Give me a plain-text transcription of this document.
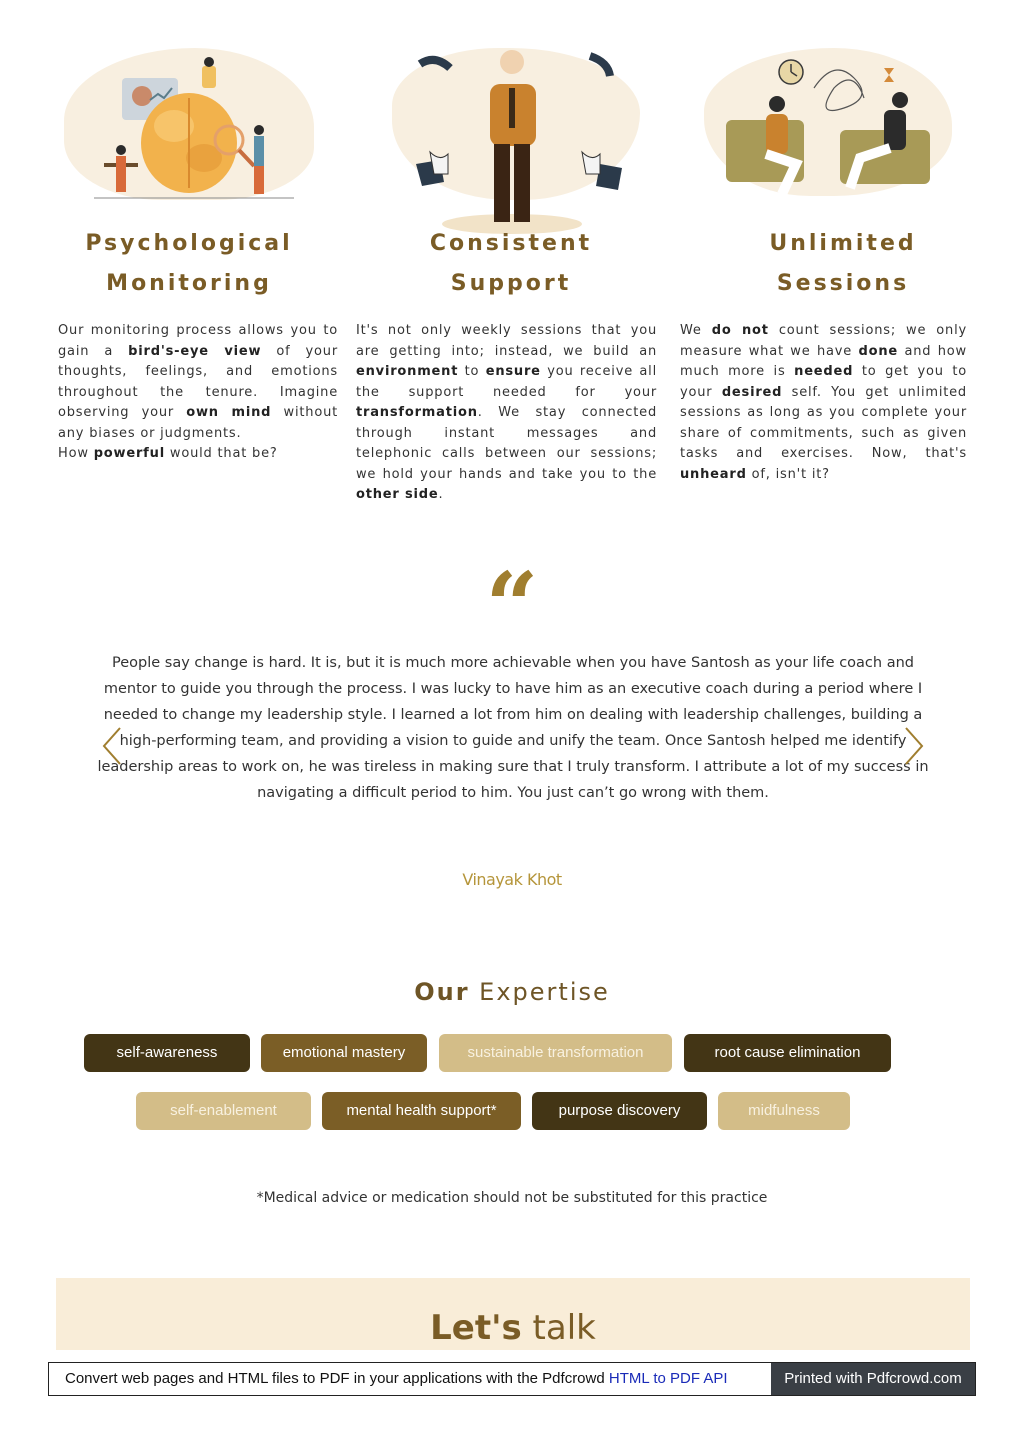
Psychological
Monitoring
Consistent
Support
Unlimited
Sessions
Our monitoring process allows you to gain a bird's-eye view of your thoughts, feelings, and emotions throughout the tenure. Imagine observing your own mind without any biases or judgments.
How powerful would that be?
It's not only weekly sessions that you are getting into; instead, we build an environment to ensure you receive all the support needed for your transformation. We stay connected through instant messages and telephonic calls between our sessions; we hold your hands and take you to the other side.
We do not count sessions; we only measure what we have done and how much more is needed to get you to your desired self. You get unlimited sessions as long as you complete your share of commitments, such as given tasks and exercises. Now, that's unheard of, isn't it?
“
People say change is hard. It is, but it is much more achievable when you have Santosh as your life coach and mentor to guide you through the process. I was lucky to have him as an executive coach during a period where I needed to change my leadership style. I learned a lot from him on dealing with leadership challenges, building a high-performing team, and providing a vision to guide and unify the team. Once Santosh helped me identify leadership areas to work on, he was tireless in making sure that I truly transform. I attribute a lot of my success in navigating a difficult period to him. You just can’t go wrong with them.
Vinayak Khot
Our Expertise
self-awareness	emotional mastery	sustainable transformation	root cause elimination
self-enablement	mental health support*	purpose discovery	midfulness
*Medical advice or medication should not be substituted for this practice
Let's talk
Convert web pages and HTML files to PDF in your applications with the Pdfcrowd HTML to PDF API	Printed with Pdfcrowd.com
